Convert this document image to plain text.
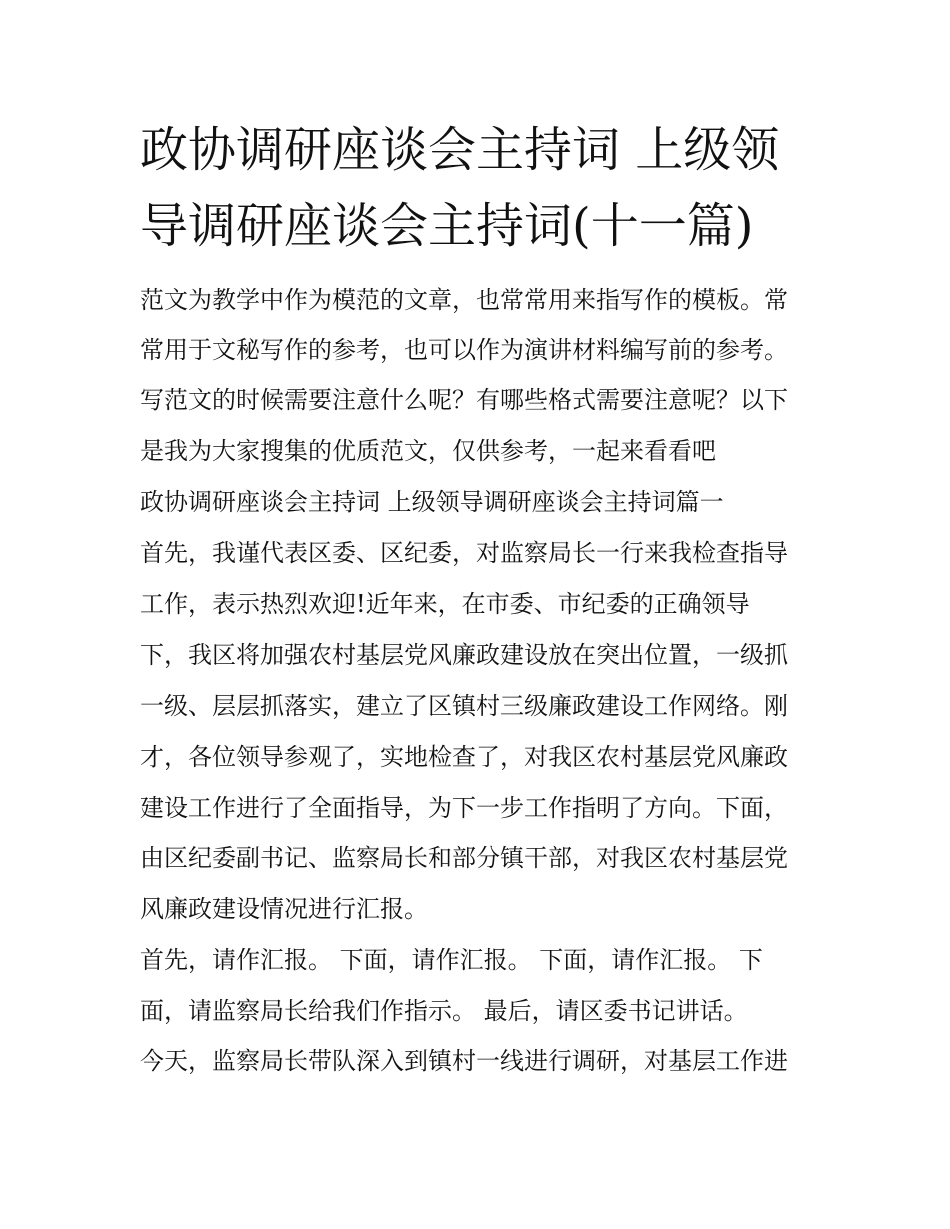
政协调研座谈会主持词 上级领
导调研座谈会主持词(十一篇)

范文为教学中作为模范的文章，也常常用来指写作的模板。常

常用于文秘写作的参考，也可以作为演讲材料编写前的参考。

写范文的时候需要注意什么呢？有哪些格式需要注意呢？以下

是我为大家搜集的优质范文，仅供参考，一起来看看吧

政协调研座谈会主持词 上级领导调研座谈会主持词篇一

首先，我谨代表区委、区纪委，对监察局长一行来我检查指导

工作，表示热烈欢迎!近年来，在市委、市纪委的正确领导

下，我区将加强农村基层党风廉政建设放在突出位置，一级抓

一级、层层抓落实，建立了区镇村三级廉政建设工作网络。刚

才，各位领导参观了，实地检查了，对我区农村基层党风廉政

建设工作进行了全面指导，为下一步工作指明了方向。下面，

由区纪委副书记、监察局长和部分镇干部，对我区农村基层党

风廉政建设情况进行汇报。

首先，请作汇报。 下面，请作汇报。 下面，请作汇报。 下

面，请监察局长给我们作指示。 最后，请区委书记讲话。

今天，监察局长带队深入到镇村一线进行调研，对基层工作进
